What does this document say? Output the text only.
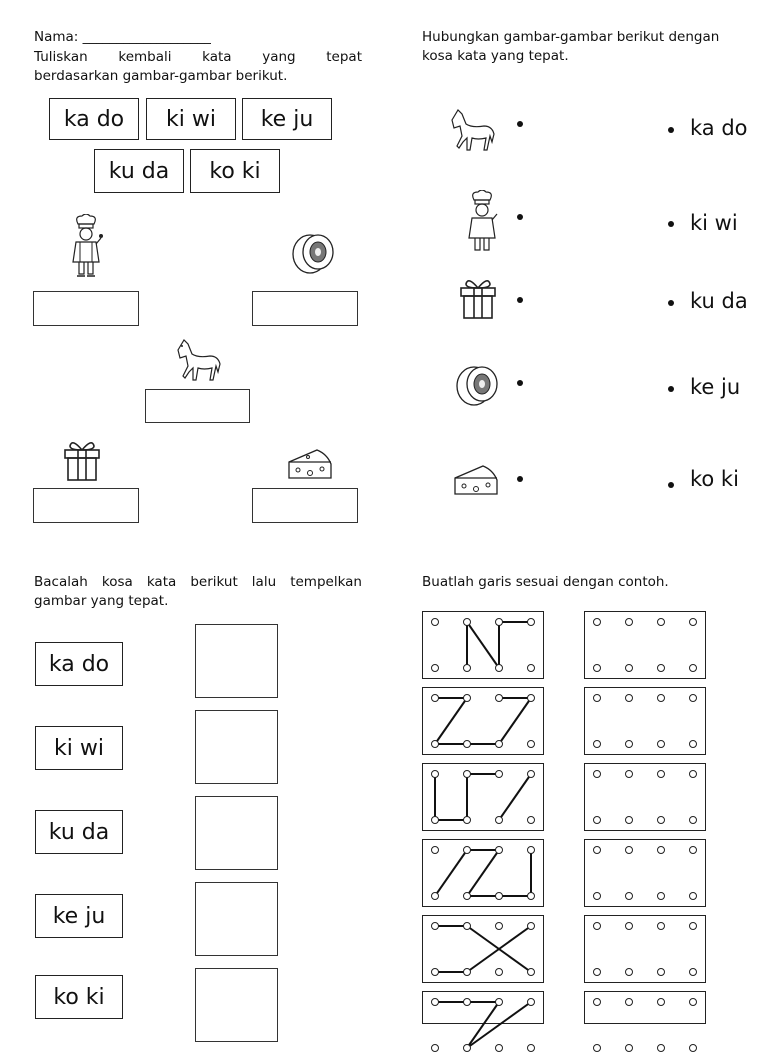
Nama: ___________________
Tuliskan kembali kata yang tepat
berdasarkan gambar-gambar berikut.
ka do	ki wi	ke ju
ku da	ko ki
Hubungkan gambar-gambar berikut dengan
kosa kata yang tepat.
ka do
ki wi
ku da
ke ju
ko ki
Bacalah kosa kata berikut lalu tempelkan
gambar yang tepat.
ka do
ki wi
ku da
ke ju
ko ki
Buatlah garis sesuai dengan contoh.
